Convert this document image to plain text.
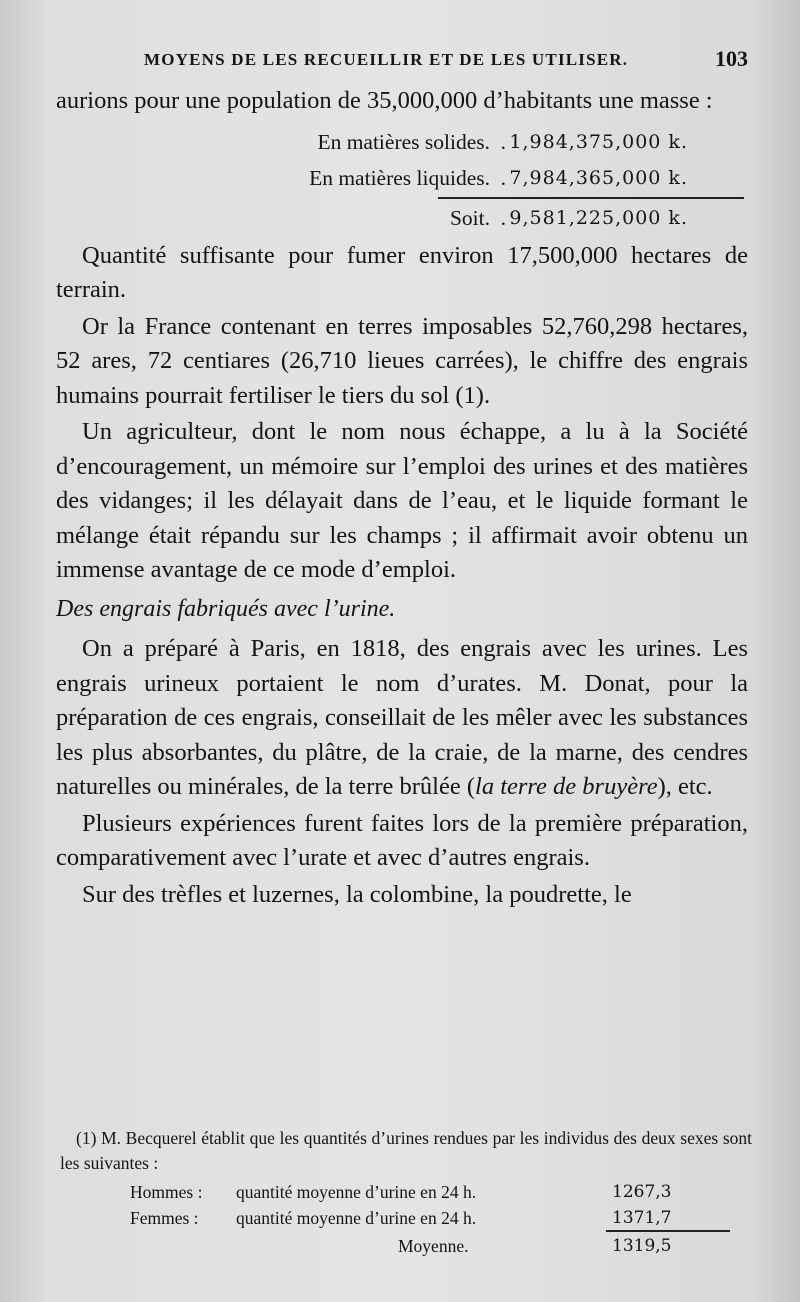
MOYENS DE LES RECUEILLIR ET DE LES UTILISER.	103

aurions pour une population de 35,000,000 d’habitants une masse :

En matières solides. . 1,984,375,000 k.
En matières liquides. . 7,984,365,000 k.
Soit. . 9,581,225,000 k.

Quantité suffisante pour fumer environ 17,500,000 hectares de terrain.

Or la France contenant en terres imposables 52,760,298 hectares, 52 ares, 72 centiares (26,710 lieues carrées), le chiffre des engrais humains pourrait fertiliser le tiers du sol (1).

Un agriculteur, dont le nom nous échappe, a lu à la Société d’encouragement, un mémoire sur l’emploi des urines et des matières des vidanges; il les délayait dans de l’eau, et le liquide formant le mélange était répandu sur les champs ; il affirmait avoir obtenu un immense avantage de ce mode d’emploi.

Des engrais fabriqués avec l’urine.

On a préparé à Paris, en 1818, des engrais avec les urines. Les engrais urineux portaient le nom d’urates. M. Donat, pour la préparation de ces engrais, conseillait de les mêler avec les substances les plus absorbantes, du plâtre, de la craie, de la marne, des cendres naturelles ou minérales, de la terre brûlée (la terre de bruyère), etc.

Plusieurs expériences furent faites lors de la première préparation, comparativement avec l’urate et avec d’autres engrais.

Sur des trèfles et luzernes, la colombine, la poudrette, le

(1) M. Becquerel établit que les quantités d’urines rendues par les individus des deux sexes sont les suivantes :

Hommes : quantité moyenne d’urine en 24 h.	1267,3
Femmes : quantité moyenne d’urine en 24 h.	1371,7
Moyenne.	1319,5
